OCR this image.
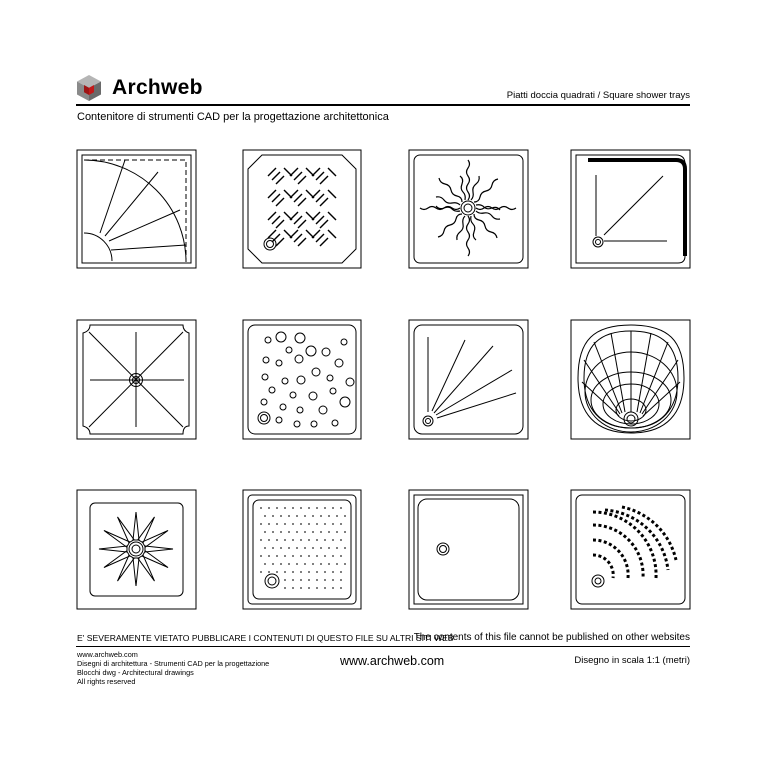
Archweb	Piatti doccia quadrati / Square shower trays
Contenitore di strumenti CAD per la progettazione architettonica
E' SEVERAMENTE VIETATO PUBBLICARE I CONTENUTI DI QUESTO FILE SU ALTRI SITI WEB
The contents of this file cannot be published on other websites
www.archweb.com
Disegni di architettura - Strumenti CAD per la progettazione
Blocchi dwg - Architectural drawings
All rights reserved
www.archweb.com	Disegno in scala 1:1 (metri)
